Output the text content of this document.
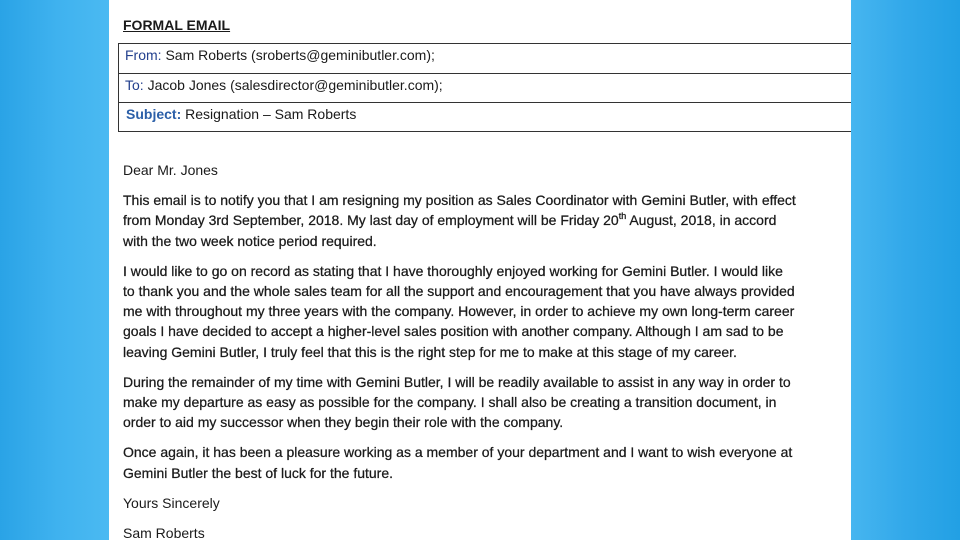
FORMAL EMAIL
From: Sam Roberts (sroberts@geminibutler.com);
To: Jacob Jones (salesdirector@geminibutler.com);
Subject: Resignation – Sam Roberts

Dear Mr. Jones

This email is to notify you that I am resigning my position as Sales Coordinator with Gemini Butler, with effect
from Monday 3rd September, 2018. My last day of employment will be Friday 20th August, 2018, in accord
with the two week notice period required.

I would like to go on record as stating that I have thoroughly enjoyed working for Gemini Butler. I would like
to thank you and the whole sales team for all the support and encouragement that you have always provided
me with throughout my three years with the company. However, in order to achieve my own long-term career
goals I have decided to accept a higher-level sales position with another company. Although I am sad to be
leaving Gemini Butler, I truly feel that this is the right step for me to make at this stage of my career.

During the remainder of my time with Gemini Butler, I will be readily available to assist in any way in order to
make my departure as easy as possible for the company. I shall also be creating a transition document, in
order to aid my successor when they begin their role with the company.

Once again, it has been a pleasure working as a member of your department and I want to wish everyone at
Gemini Butler the best of luck for the future.

Yours Sincerely

Sam Roberts
